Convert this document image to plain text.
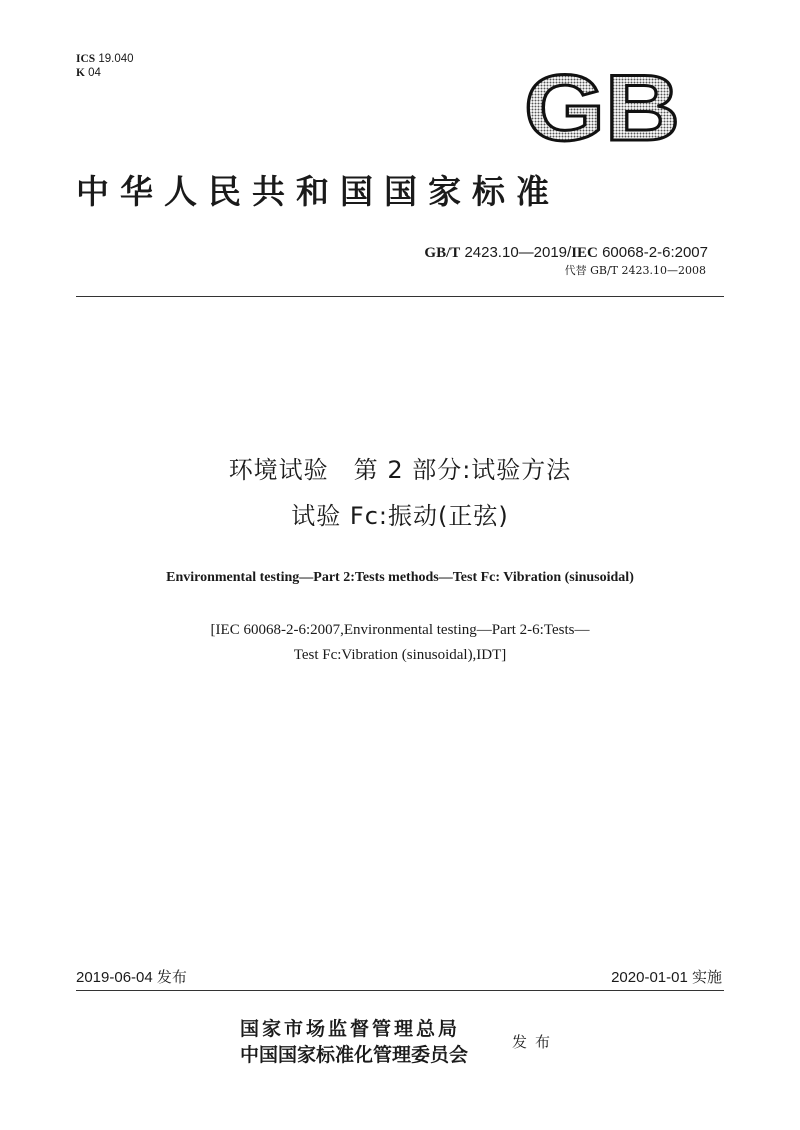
ICS 19.040
K 04	GB
中华人民共和国国家标准
GB/T 2423.10—2019/IEC 60068-2-6:2007
代替 GB/T 2423.10—2008
环境试验　第 2 部分:试验方法
试验 Fc:振动(正弦)
Environmental testing—Part 2:Tests methods—Test Fc: Vibration (sinusoidal)
[IEC 60068-2-6:2007,Environmental testing—Part 2-6:Tests—
Test Fc:Vibration (sinusoidal),IDT]
2019-06-04 发布	2020-01-01 实施
国家市场监督管理总局
中国国家标准化管理委员会
发布
